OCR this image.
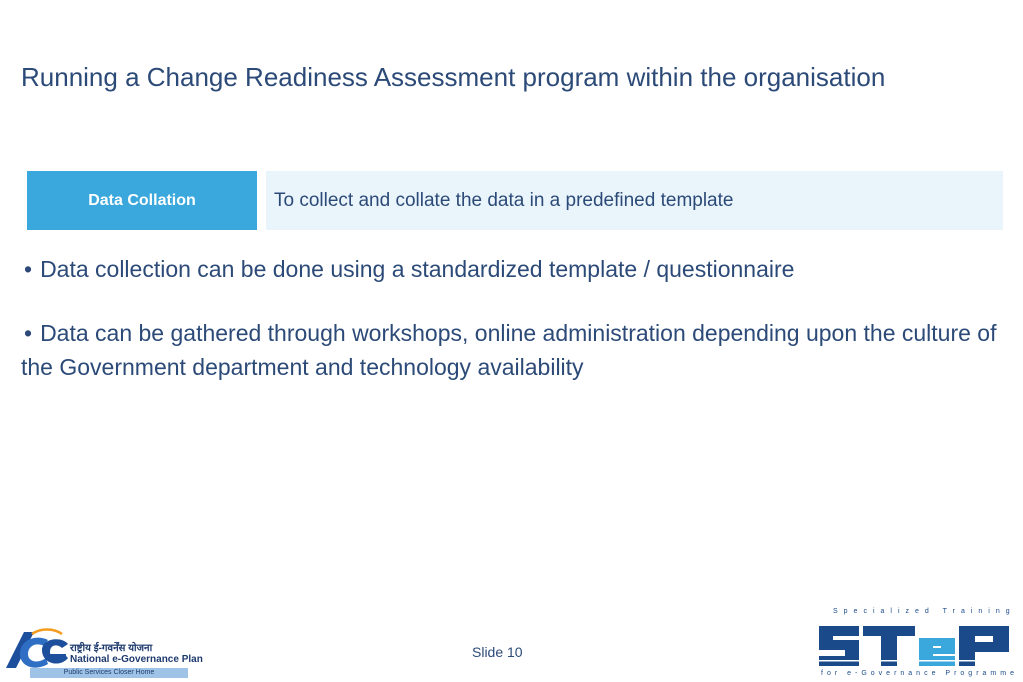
Running a Change Readiness Assessment program within the organisation
Data Collation	To collect and collate the data in a predefined template

• Data collection can be done using a standardized template / questionnaire

• Data can be gathered through workshops, online administration depending upon the culture of the Government department and technology availability

Slide 10
राष्ट्रीय ई-गवर्नेंस योजना
National e-Governance Plan
Public Services Closer Home
Specialized Training
for e-Governance Programme
